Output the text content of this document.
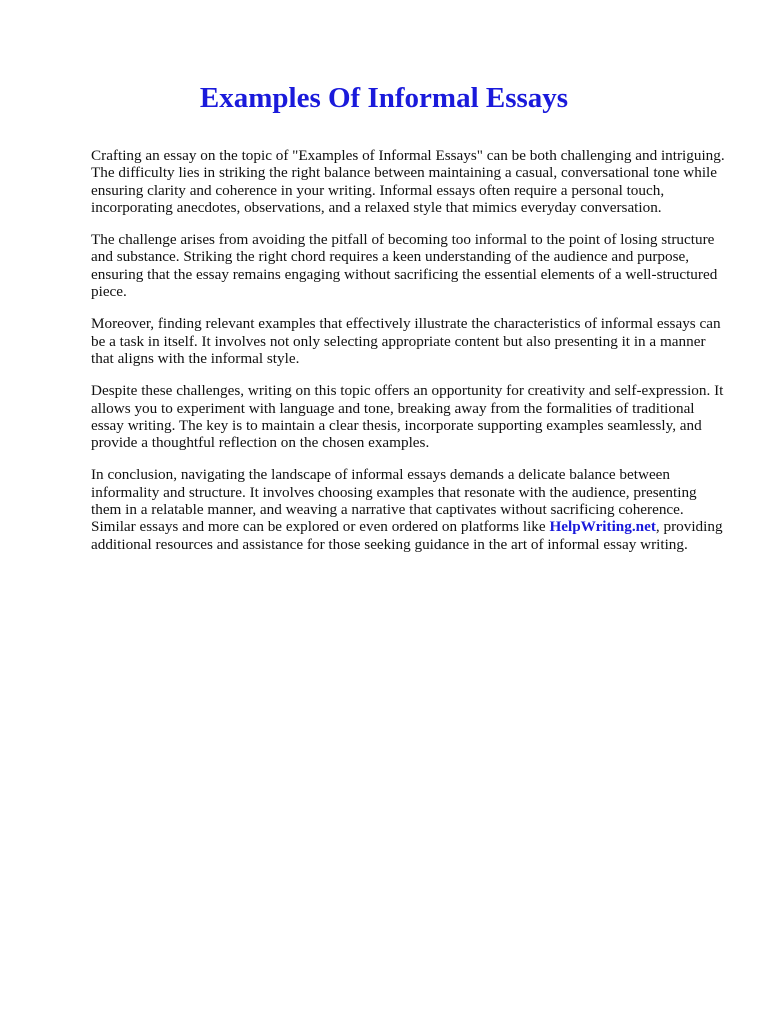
Examples Of Informal Essays

Crafting an essay on the topic of "Examples of Informal Essays" can be both challenging and intriguing. The difficulty lies in striking the right balance between maintaining a casual, conversational tone while ensuring clarity and coherence in your writing. Informal essays often require a personal touch, incorporating anecdotes, observations, and a relaxed style that mimics everyday conversation.

The challenge arises from avoiding the pitfall of becoming too informal to the point of losing structure and substance. Striking the right chord requires a keen understanding of the audience and purpose, ensuring that the essay remains engaging without sacrificing the essential elements of a well-structured piece.

Moreover, finding relevant examples that effectively illustrate the characteristics of informal essays can be a task in itself. It involves not only selecting appropriate content but also presenting it in a manner that aligns with the informal style.

Despite these challenges, writing on this topic offers an opportunity for creativity and self-expression. It allows you to experiment with language and tone, breaking away from the formalities of traditional essay writing. The key is to maintain a clear thesis, incorporate supporting examples seamlessly, and provide a thoughtful reflection on the chosen examples.

In conclusion, navigating the landscape of informal essays demands a delicate balance between informality and structure. It involves choosing examples that resonate with the audience, presenting them in a relatable manner, and weaving a narrative that captivates without sacrificing coherence. Similar essays and more can be explored or even ordered on platforms like HelpWriting.net, providing additional resources and assistance for those seeking guidance in the art of informal essay writing.
